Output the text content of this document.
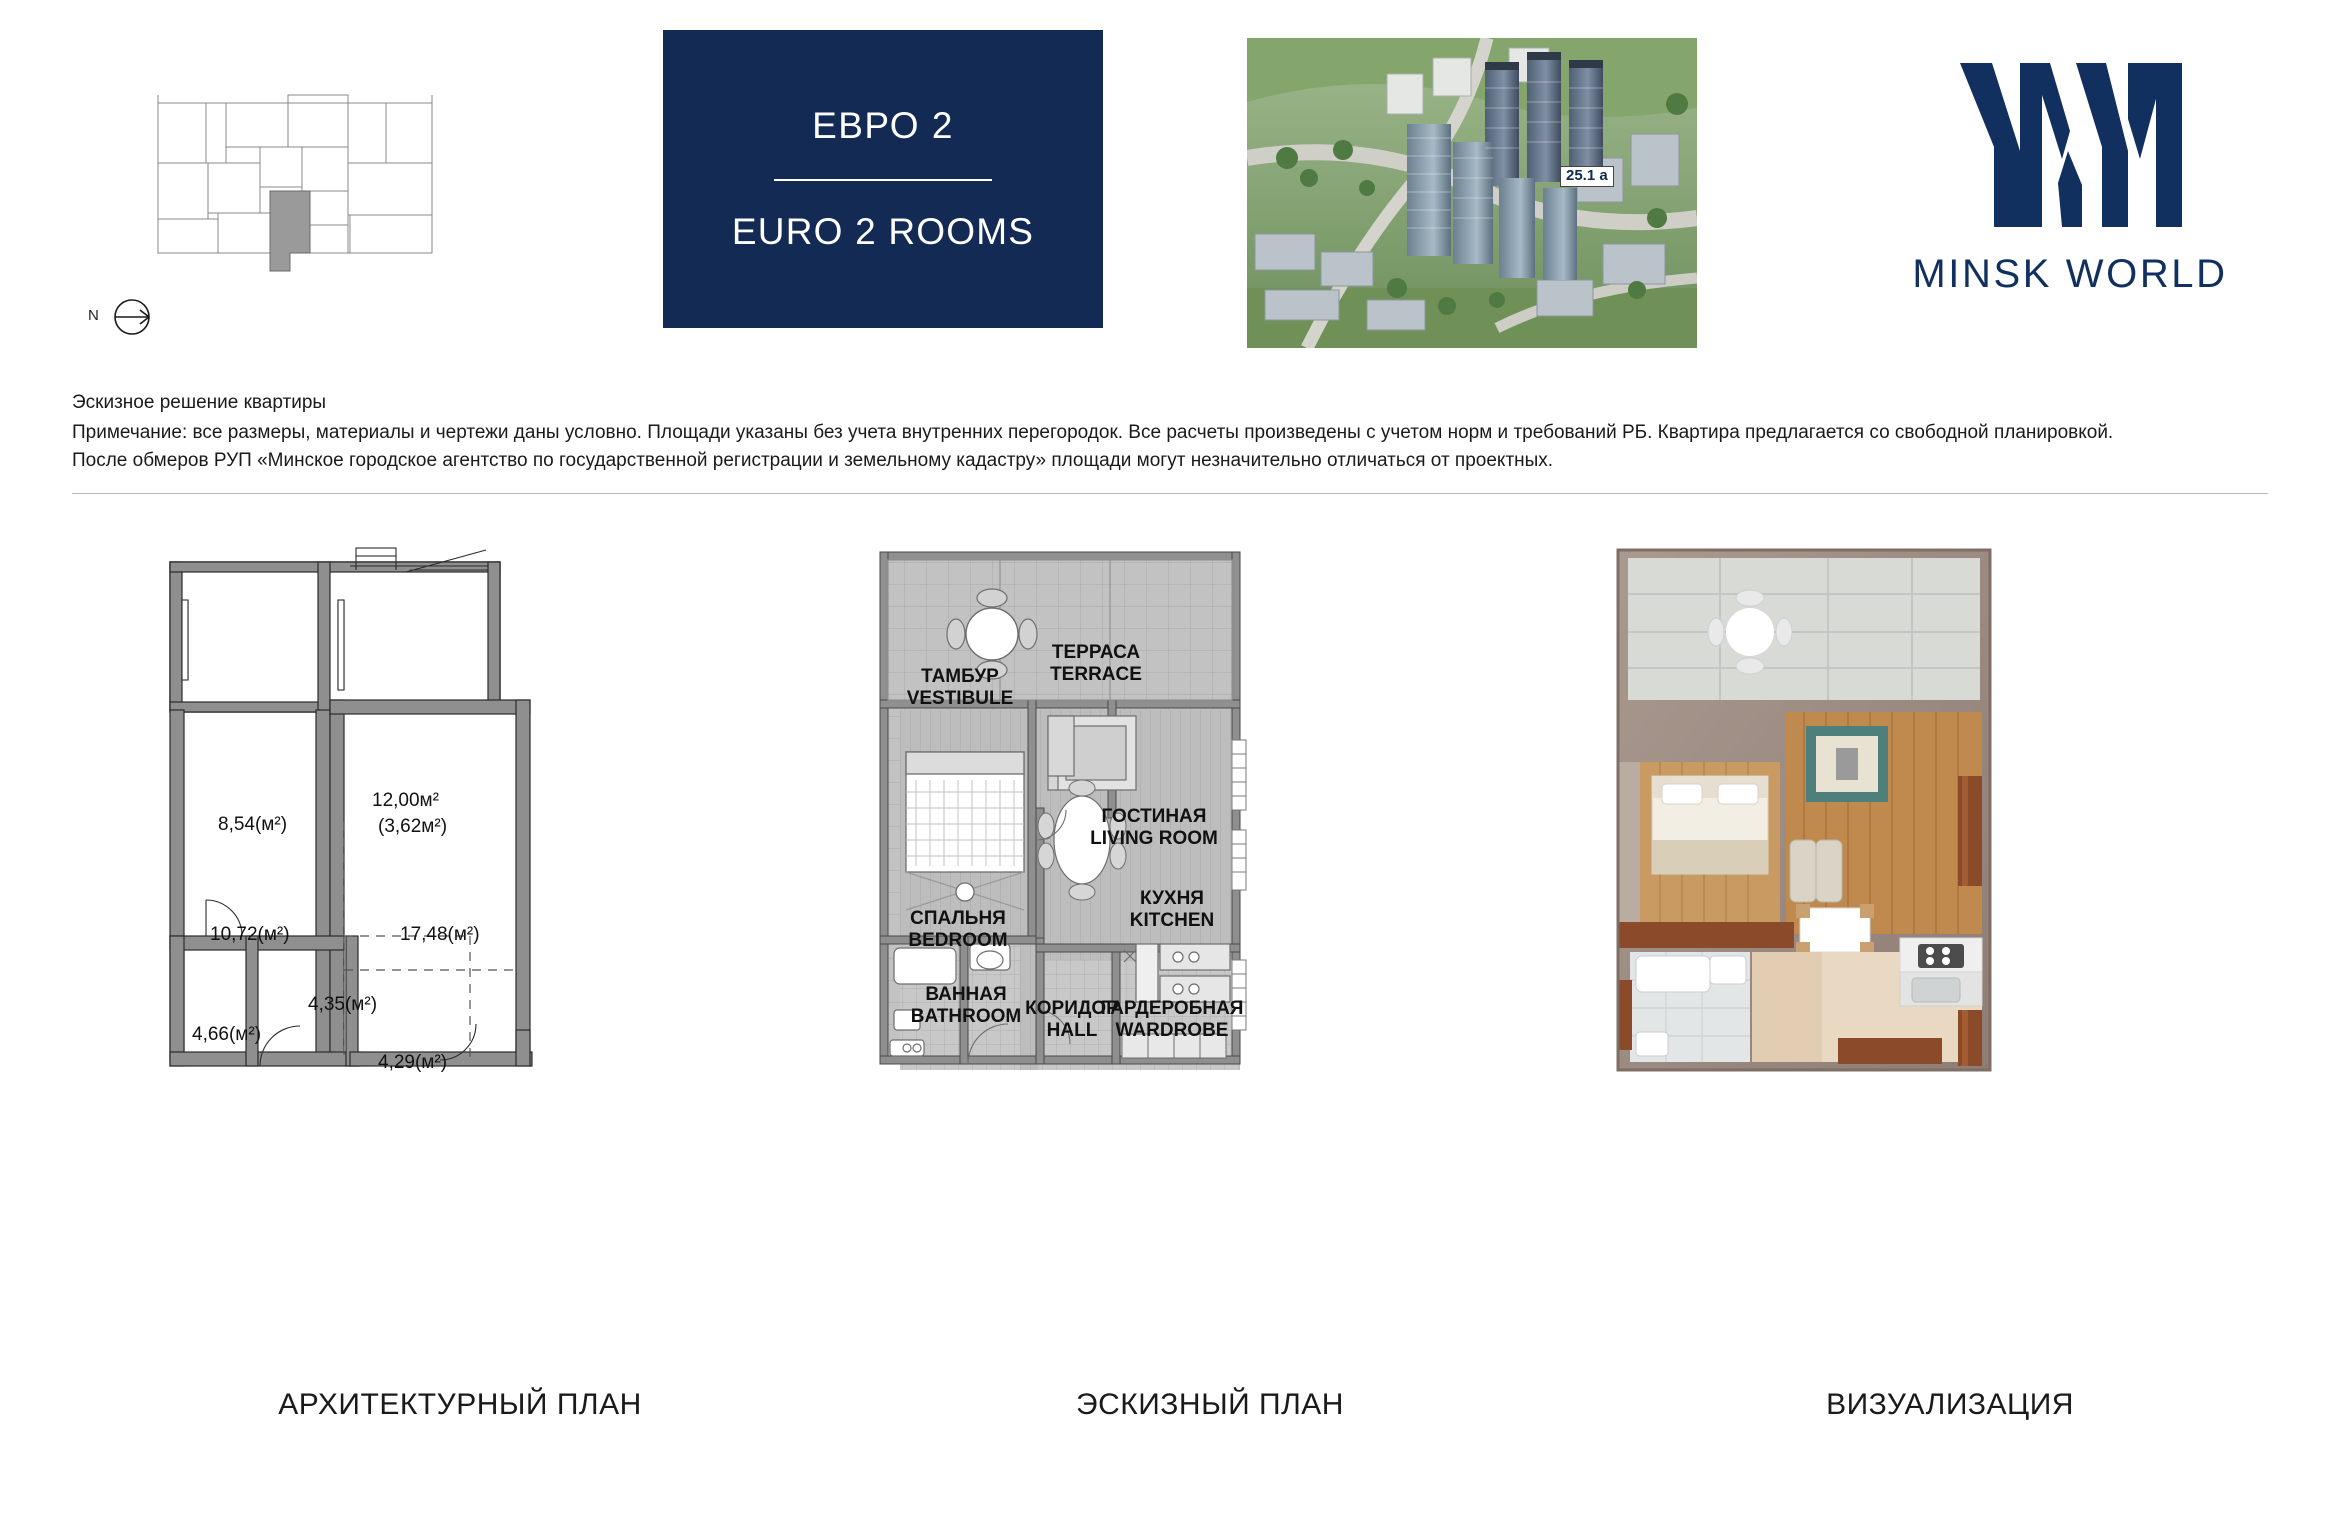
N
ЕВРО 2
EURO 2 ROOMS
25.1 а
MINSK WORLD
Эскизное решение квартиры

Примечание: все размеры, материалы и чертежи даны условно. Площади указаны без учета внутренних перегородок. Все расчеты произведены с учетом норм и требований РБ. Квартира предлагается со свободной планировкой.

После обмеров РУП «Минское городское агентство по государственной регистрации и земельному кадастру» площади могут незначительно отличаться от проектных.

8,54(м²)
12,00м²
(3,62м²)
10,72(м²)	17,48(м²)
4,35(м²)
4,66(м²)
4,29(м²)
АРХИТЕКТУРНЫЙ ПЛАН
ТЕРРАСА
TERRACE
ТАМБУР
VESTIBULE
ГОСТИНАЯ
LIVING ROOM
СПАЛЬНЯ
BEDROOM
КУХНЯ
KITCHEN
ВАННАЯ
BATHROOM КОРИДОР
HALL
ГАРДЕРОБНАЯ
WARDROBE
ЭСКИЗНЫЙ ПЛАН	ВИЗУАЛИЗАЦИЯ
